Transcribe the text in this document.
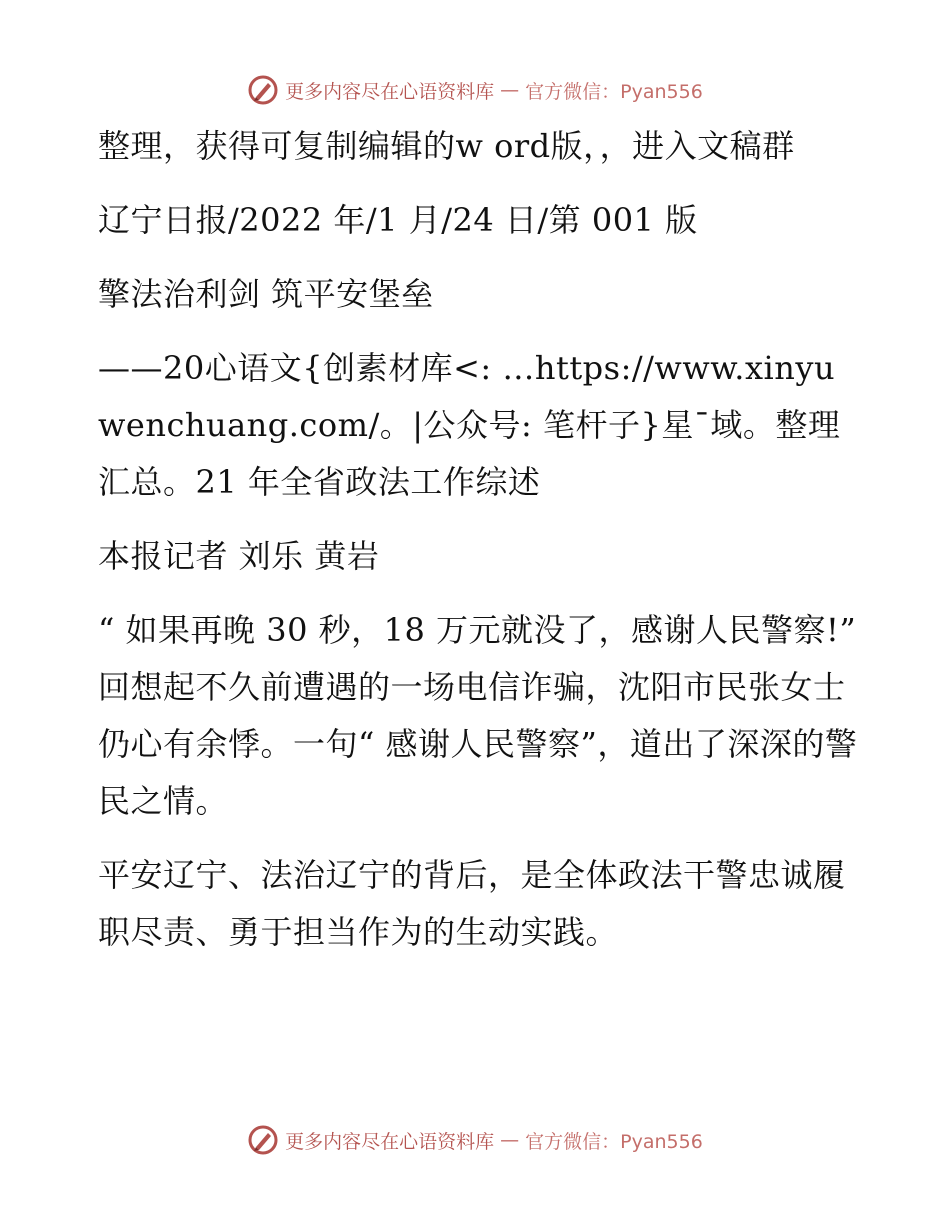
更多内容尽在心语资料库 — 官方微信：Pyan556

整理，获得可复制编辑的w ord版，，进入文稿群

辽宁日报/2022 年/1 月/24 日/第 001 版

擎法治利剑 筑平安堡垒

——20心语文{创素材库<: …https://www.xinyuwenchuang.com/。|公众号: 笔杆子}星¯域。整理汇总。21 年全省政法工作综述

本报记者 刘乐 黄岩

“ 如果再晚 30 秒，18 万元就没了，感谢人民警察!” 回想起不久前遭遇的一场电信诈骗，沈阳市民张女士仍心有余悸。一句“ 感谢人民警察”，道出了深深的警民之情。

平安辽宁、法治辽宁的背后，是全体政法干警忠诚履职尽责、勇于担当作为的生动实践。

更多内容尽在心语资料库 — 官方微信：Pyan556
